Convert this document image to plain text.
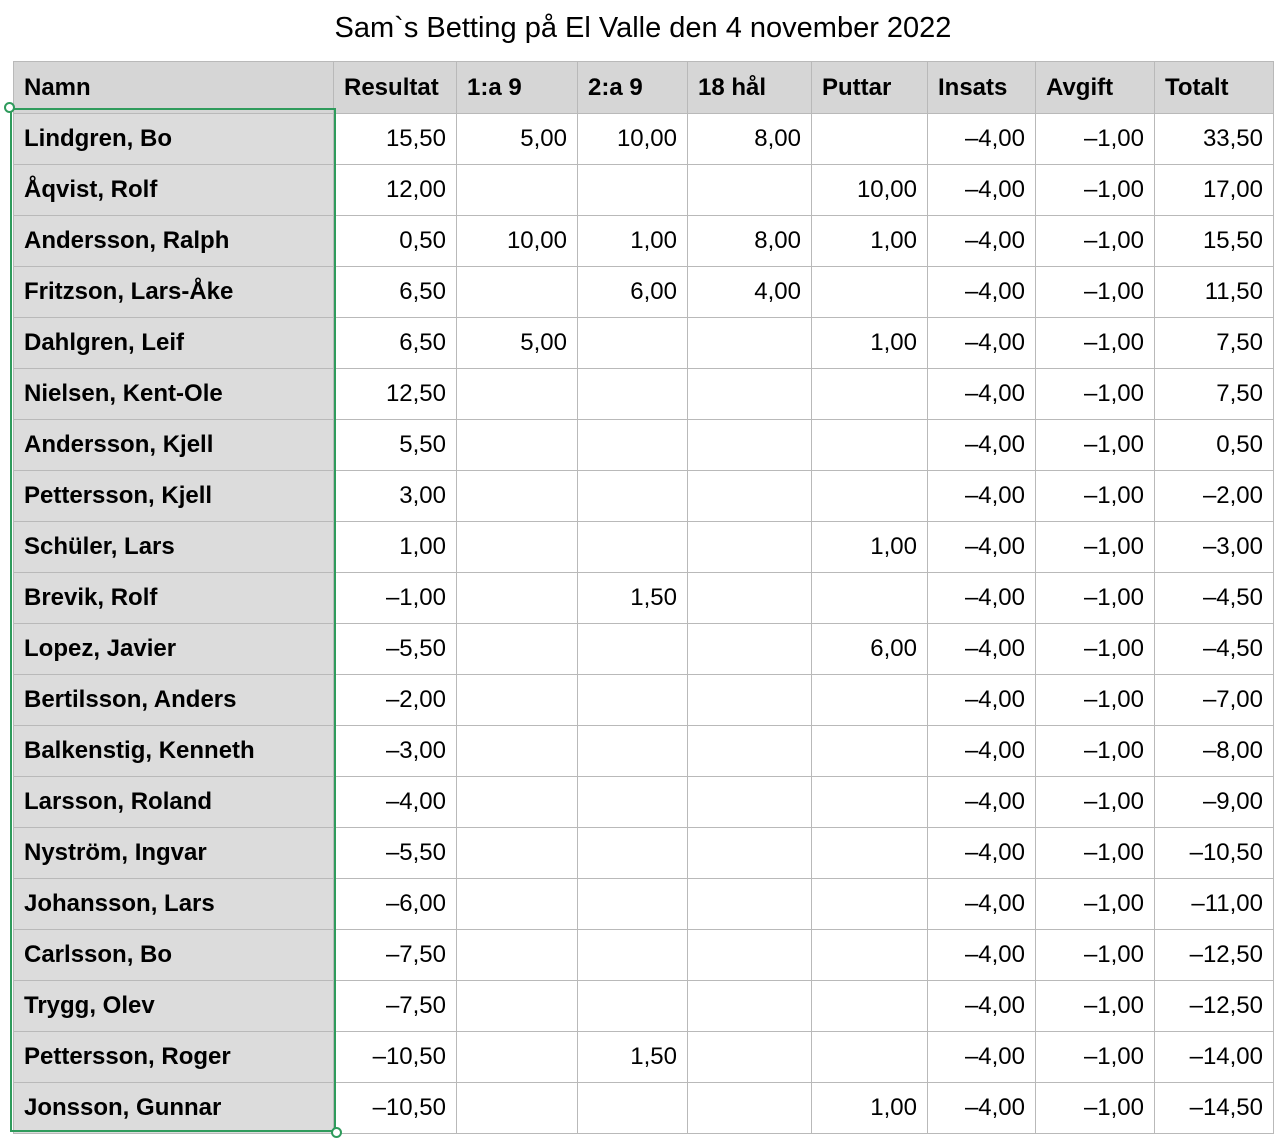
Sam`s Betting på El Valle den 4 november 2022
Namn	Resultat	1:a 9	2:a 9	18 hål	Puttar	Insats	Avgift	Totalt
Lindgren, Bo	15,50	5,00	10,00	8,00		–4,00	–1,00	33,50
Åqvist, Rolf	12,00				10,00	–4,00	–1,00	17,00
Andersson, Ralph	0,50	10,00	1,00	8,00	1,00	–4,00	–1,00	15,50
Fritzson, Lars-Åke	6,50		6,00	4,00		–4,00	–1,00	11,50
Dahlgren, Leif	6,50	5,00			1,00	–4,00	–1,00	7,50
Nielsen, Kent-Ole	12,50					–4,00	–1,00	7,50
Andersson, Kjell	5,50					–4,00	–1,00	0,50
Pettersson, Kjell	3,00					–4,00	–1,00	–2,00
Schüler, Lars	1,00				1,00	–4,00	–1,00	–3,00
Brevik, Rolf	–1,00		1,50			–4,00	–1,00	–4,50
Lopez, Javier	–5,50				6,00	–4,00	–1,00	–4,50
Bertilsson, Anders	–2,00					–4,00	–1,00	–7,00
Balkenstig, Kenneth	–3,00					–4,00	–1,00	–8,00
Larsson, Roland	–4,00					–4,00	–1,00	–9,00
Nyström, Ingvar	–5,50					–4,00	–1,00	–10,50
Johansson, Lars	–6,00					–4,00	–1,00	–11,00
Carlsson, Bo	–7,50					–4,00	–1,00	–12,50
Trygg, Olev	–7,50					–4,00	–1,00	–12,50
Pettersson, Roger	–10,50		1,50			–4,00	–1,00	–14,00
Jonsson, Gunnar	–10,50				1,00	–4,00	–1,00	–14,50
